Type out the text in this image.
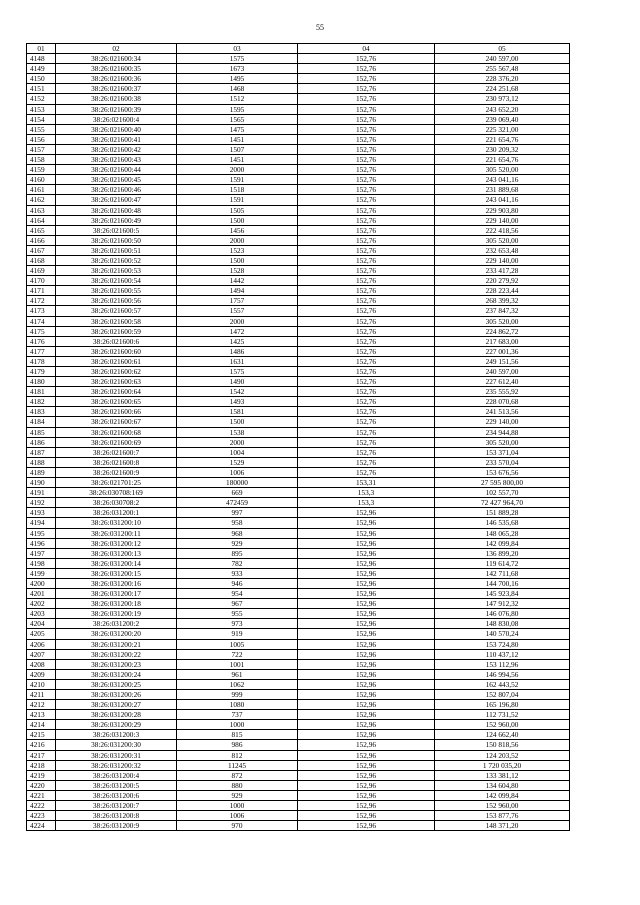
55
01	02	03	04	05
4148	38:26:021600:34	1575	152,76	240 597,00
4149	38:26:021600:35	1673	152,76	255 567,48
4150	38:26:021600:36	1495	152,76	228 376,20
4151	38:26:021600:37	1468	152,76	224 251,68
4152	38:26:021600:38	1512	152,76	230 973,12
4153	38:26:021600:39	1595	152,76	243 652,20
4154	38:26:021600:4	1565	152,76	239 069,40
4155	38:26:021600:40	1475	152,76	225 321,00
4156	38:26:021600:41	1451	152,76	221 654,76
4157	38:26:021600:42	1507	152,76	230 209,32
4158	38:26:021600:43	1451	152,76	221 654,76
4159	38:26:021600:44	2000	152,76	305 520,00
4160	38:26:021600:45	1591	152,76	243 041,16
4161	38:26:021600:46	1518	152,76	231 889,68
4162	38:26:021600:47	1591	152,76	243 041,16
4163	38:26:021600:48	1505	152,76	229 903,80
4164	38:26:021600:49	1500	152,76	229 140,00
4165	38:26:021600:5	1456	152,76	222 418,56
4166	38:26:021600:50	2000	152,76	305 520,00
4167	38:26:021600:51	1523	152,76	232 653,48
4168	38:26:021600:52	1500	152,76	229 140,00
4169	38:26:021600:53	1528	152,76	233 417,28
4170	38:26:021600:54	1442	152,76	220 279,92
4171	38:26:021600:55	1494	152,76	228 223,44
4172	38:26:021600:56	1757	152,76	268 399,32
4173	38:26:021600:57	1557	152,76	237 847,32
4174	38:26:021600:58	2000	152,76	305 520,00
4175	38:26:021600:59	1472	152,76	224 862,72
4176	38:26:021600:6	1425	152,76	217 683,00
4177	38:26:021600:60	1486	152,76	227 001,36
4178	38:26:021600:61	1631	152,76	249 151,56
4179	38:26:021600:62	1575	152,76	240 597,00
4180	38:26:021600:63	1490	152,76	227 612,40
4181	38:26:021600:64	1542	152,76	235 555,92
4182	38:26:021600:65	1493	152,76	228 070,68
4183	38:26:021600:66	1581	152,76	241 513,56
4184	38:26:021600:67	1500	152,76	229 140,00
4185	38:26:021600:68	1538	152,76	234 944,88
4186	38:26:021600:69	2000	152,76	305 520,00
4187	38:26:021600:7	1004	152,76	153 371,04
4188	38:26:021600:8	1529	152,76	233 570,04
4189	38:26:021600:9	1006	152,76	153 676,56
4190	38:26:021701:25	180000	153,31	27 595 800,00
4191	38:26:030708:169	669	153,3	102 557,70
4192	38:26:030708:2	472459	153,3	72 427 964,70
4193	38:26:031200:1	997	152,96	151 889,28
4194	38:26:031200:10	958	152,96	146 535,68
4195	38:26:031200:11	968	152,96	148 065,28
4196	38:26:031200:12	929	152,96	142 099,84
4197	38:26:031200:13	895	152,96	136 899,20
4198	38:26:031200:14	782	152,96	119 614,72
4199	38:26:031200:15	933	152,96	142 711,68
4200	38:26:031200:16	946	152,96	144 700,16
4201	38:26:031200:17	954	152,96	145 923,84
4202	38:26:031200:18	967	152,96	147 912,32
4203	38:26:031200:19	955	152,96	146 076,80
4204	38:26:031200:2	973	152,96	148 830,08
4205	38:26:031200:20	919	152,96	140 570,24
4206	38:26:031200:21	1005	152,96	153 724,80
4207	38:26:031200:22	722	152,96	110 437,12
4208	38:26:031200:23	1001	152,96	153 112,96
4209	38:26:031200:24	961	152,96	146 994,56
4210	38:26:031200:25	1062	152,96	162 443,52
4211	38:26:031200:26	999	152,96	152 807,04
4212	38:26:031200:27	1080	152,96	165 196,80
4213	38:26:031200:28	737	152,96	112 731,52
4214	38:26:031200:29	1000	152,96	152 960,00
4215	38:26:031200:3	815	152,96	124 662,40
4216	38:26:031200:30	986	152,96	150 818,56
4217	38:26:031200:31	812	152,96	124 203,52
4218	38:26:031200:32	11245	152,96	1 720 035,20
4219	38:26:031200:4	872	152,96	133 381,12
4220	38:26:031200:5	880	152,96	134 604,80
4221	38:26:031200:6	929	152,96	142 099,84
4222	38:26:031200:7	1000	152,96	152 960,00
4223	38:26:031200:8	1006	152,96	153 877,76
4224	38:26:031200:9	970	152,96	148 371,20
